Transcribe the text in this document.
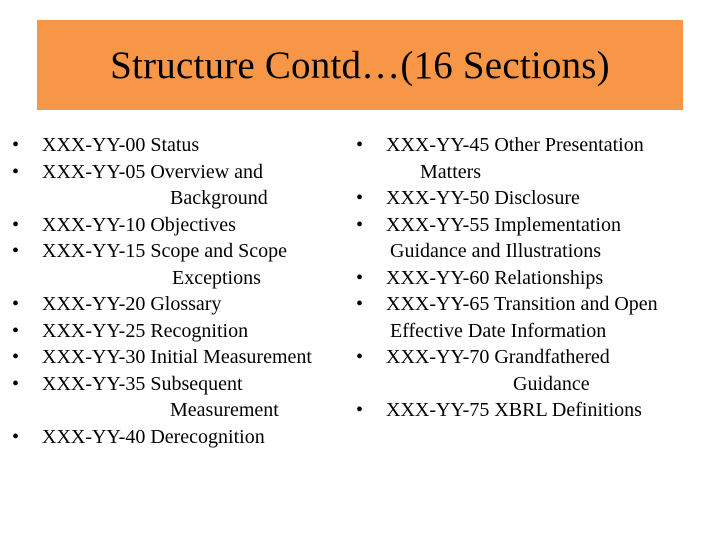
Structure Contd…(16 Sections)
•	XXX-YY-00 Status
•	XXX-YY-05 Overview and
Background
•	XXX-YY-10 Objectives
•	XXX-YY-15 Scope and Scope
Exceptions
•	XXX-YY-20 Glossary
•	XXX-YY-25 Recognition
•	XXX-YY-30 Initial Measurement
•	XXX-YY-35 Subsequent
Measurement
•	XXX-YY-40 Derecognition
•	XXX-YY-45 Other Presentation
Matters
•	XXX-YY-50 Disclosure
•	XXX-YY-55 Implementation
Guidance and Illustrations
•	XXX-YY-60 Relationships
•	XXX-YY-65 Transition and Open
Effective Date Information
•	XXX-YY-70 Grandfathered
Guidance
•	XXX-YY-75 XBRL Definitions
